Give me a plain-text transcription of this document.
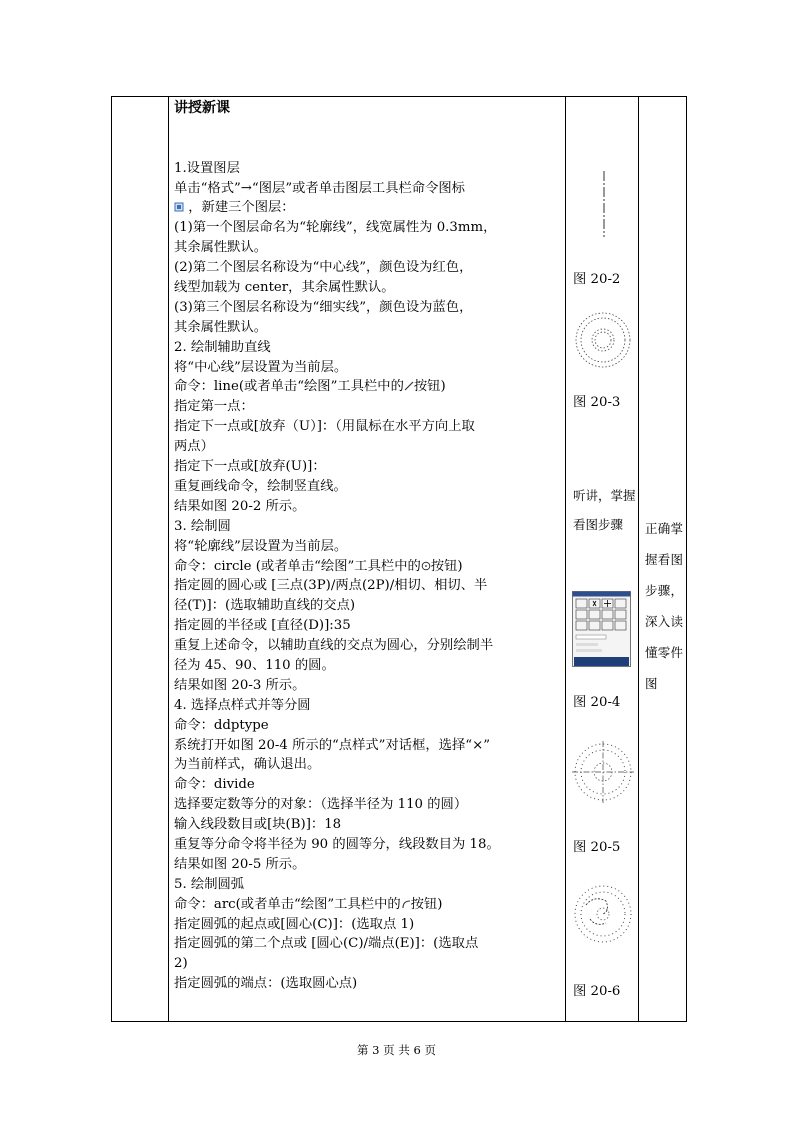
讲授新课
1.设置图层
单击“格式”→“图层”或者单击图层工具栏命令图标
，新建三个图层：
(1)第一个图层命名为“轮廓线”，线宽属性为 0.3mm，
其余属性默认。
(2)第二个图层名称设为“中心线”，颜色设为红色，
线型加载为 center，其余属性默认。
(3)第三个图层名称设为“细实线”，颜色设为蓝色，
其余属性默认。
2. 绘制辅助直线
将“中心线”层设置为当前层。
命令：line(或者单击“绘图”工具栏中的 按钮)
指定第一点：
指定下一点或[放弃（U）]：（用鼠标在水平方向上取
两点）
指定下一点或[放弃(U)]：
重复画线命令，绘制竖直线。
结果如图 20-2 所示。
3. 绘制圆
将“轮廓线”层设置为当前层。
命令：circle (或者单击“绘图”工具栏中的 按钮)
指定圆的圆心或 [三点(3P)/两点(2P)/相切、相切、半
径(T)]：(选取辅助直线的交点)
指定圆的半径或 [直径(D)]:35
重复上述命令，以辅助直线的交点为圆心，分别绘制半
径为 45、90、110 的圆。
结果如图 20-3 所示。
4. 选择点样式并等分圆
命令：ddptype
系统打开如图 20-4 所示的“点样式”对话框，选择“×”
为当前样式，确认退出。
命令：divide
选择要定数等分的对象：（选择半径为 110 的圆）
输入线段数目或[块(B)]：18
重复等分命令将半径为 90 的圆等分，线段数目为 18。
结果如图 20-5 所示。
5. 绘制圆弧
命令：arc(或者单击“绘图”工具栏中的 按钮)
指定圆弧的起点或[圆心(C)]：(选取点 1)
指定圆弧的第二个点或 [圆心(C)/端点(E)]：(选取点
2)
指定圆弧的端点：(选取圆心点)
图 20-2
图 20-3
听讲，掌握看图步骤	正确掌握看图步骤，深入读懂零件图
图 20-4
图 20-5
图 20-6
第 3 页 共 6 页
